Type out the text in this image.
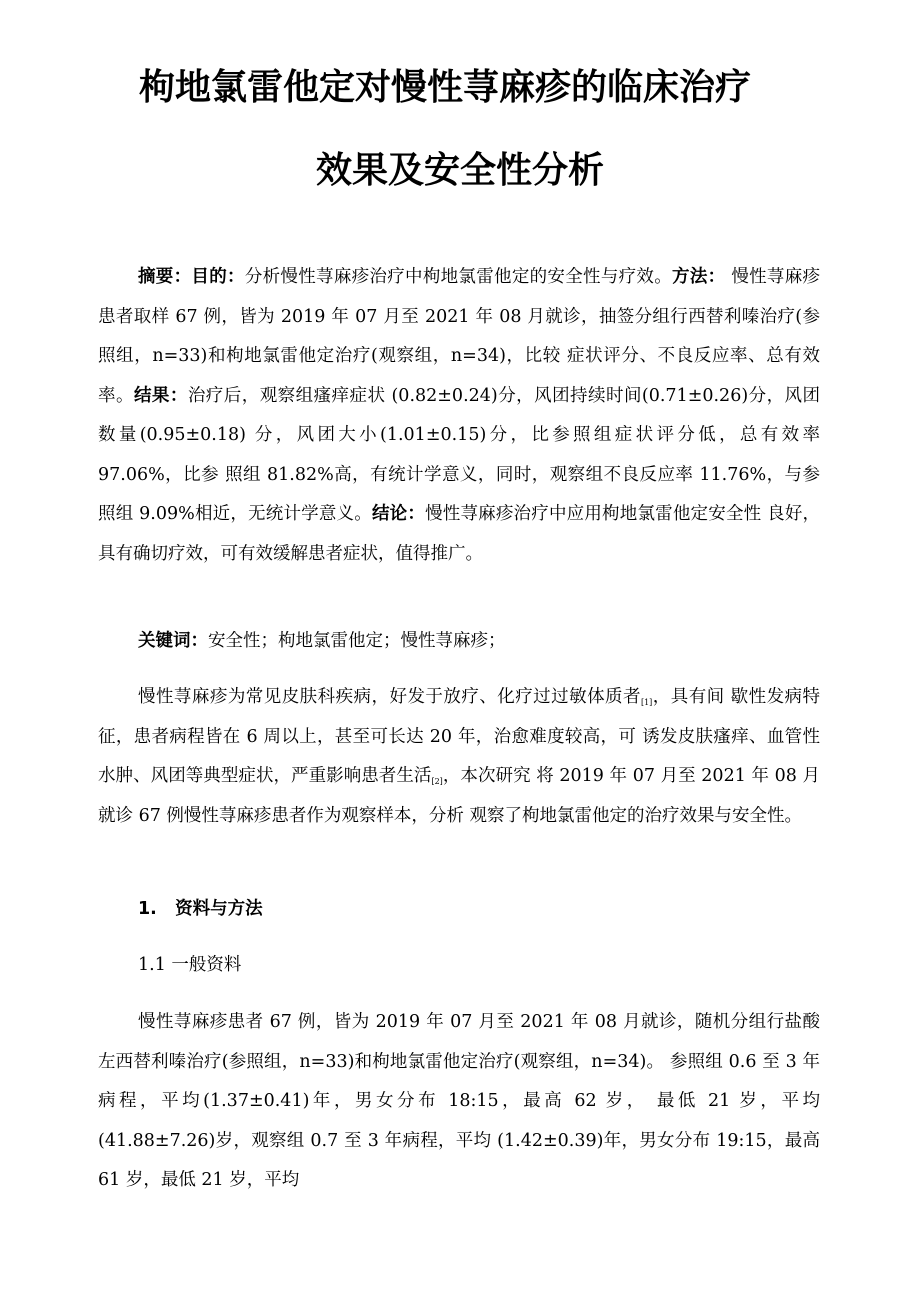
枸地氯雷他定对慢性荨麻疹的临床治疗
效果及安全性分析

摘要：目的：分析慢性荨麻疹治疗中枸地氯雷他定的安全性与疗效。方法： 慢性荨麻疹患者取样 67 例，皆为 2019 年 07 月至 2021 年 08 月就诊，抽签分组行西替利嗪治疗(参照组，n=33)和枸地氯雷他定治疗(观察组，n=34)，比较 症状评分、不良反应率、总有效率。结果：治疗后，观察组瘙痒症状 (0.82±0.24)分，风团持续时间(0.71±0.26)分，风团数量(0.95±0.18) 分，风团大小(1.01±0.15)分，比参照组症状评分低，总有效率 97.06%，比参 照组 81.82%高，有统计学意义，同时，观察组不良反应率 11.76%，与参照组 9.09%相近，无统计学意义。结论：慢性荨麻疹治疗中应用枸地氯雷他定安全性 良好，具有确切疗效，可有效缓解患者症状，值得推广。

关键词：安全性；枸地氯雷他定；慢性荨麻疹；

慢性荨麻疹为常见皮肤科疾病，好发于放疗、化疗过过敏体质者[1]，具有间 歇性发病特征，患者病程皆在 6 周以上，甚至可长达 20 年，治愈难度较高，可 诱发皮肤瘙痒、血管性水肿、风团等典型症状，严重影响患者生活[2]，本次研究 将 2019 年 07 月至 2021 年 08 月就诊 67 例慢性荨麻疹患者作为观察样本，分析 观察了枸地氯雷他定的治疗效果与安全性。

1.   资料与方法

1.1 一般资料

慢性荨麻疹患者 67 例，皆为 2019 年 07 月至 2021 年 08 月就诊，随机分组行盐酸左西替利嗪治疗(参照组，n=33)和枸地氯雷他定治疗(观察组，n=34)。 参照组 0.6 至 3 年病程，平均(1.37±0.41)年，男女分布 18:15，最高 62 岁， 最低 21 岁，平均(41.88±7.26)岁，观察组 0.7 至 3 年病程，平均 (1.42±0.39)年，男女分布 19:15，最高 61 岁，最低 21 岁，平均
